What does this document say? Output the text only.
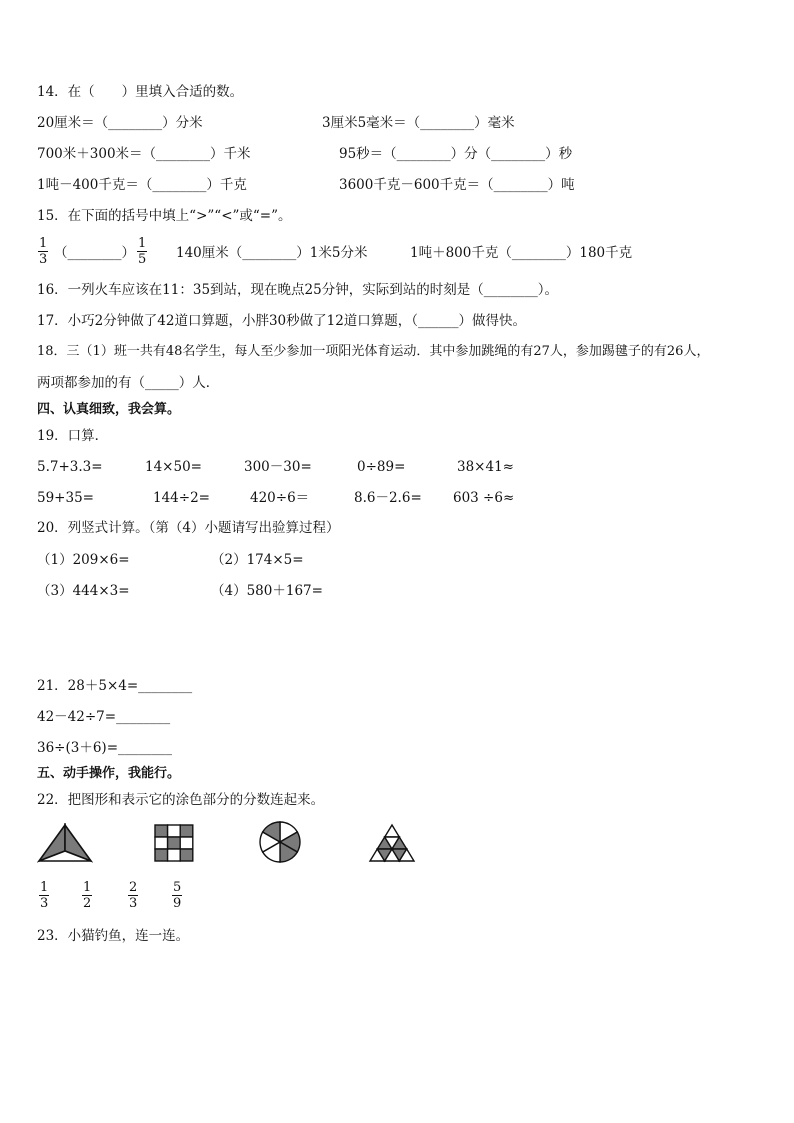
14．在（　　）里填入合适的数。
20厘米＝（________）分米	3厘米5毫米＝（________）毫米
700米＋300米＝（________）千米	95秒＝（________）分（________）秒
1吨－400千克＝（________）千克	3600千克－600千克＝（________）吨
15．在下面的括号中填上“>”“<”或“=”。
$\frac{1}{3}$ （________） $\frac{1}{5} 140$厘米（________）1米5分米	1吨＋800千克（________）180千克
16．一列火车应该在11：35到站，现在晚点25分钟，实际到站的时刻是（________）。
17．小巧2分钟做了42道口算题，小胖30秒做了12道口算题，（______）做得快。
18．三（1）班一共有48名学生，每人至少参加一项阳光体育运动．其中参加跳绳的有27人，参加踢毽子的有26人，
两项都参加的有（_____）人．
四、认真细致，我会算。
19．口算．
5.7+3.3=	14×50=	300－30=	0÷89=	38×41≈
59+35=	144÷2=	420÷6＝	8.6－2.6= 603 ÷6≈
20．列竖式计算。（第（4）小题请写出验算过程）
（1）209×6=	（2）174×5=
（3）444×3=	（4）580＋167=
21．28＋5×4=________
42－42÷7=________
36÷(3＋6)=________
五、动手操作，我能行。
22．把图形和表示它的涂色部分的分数连起来。
$\frac{1}{3}$	$\frac{1}{2}$	$\frac{2}{3}$	$\frac{5}{9}$
23．小猫钓鱼，连一连。
